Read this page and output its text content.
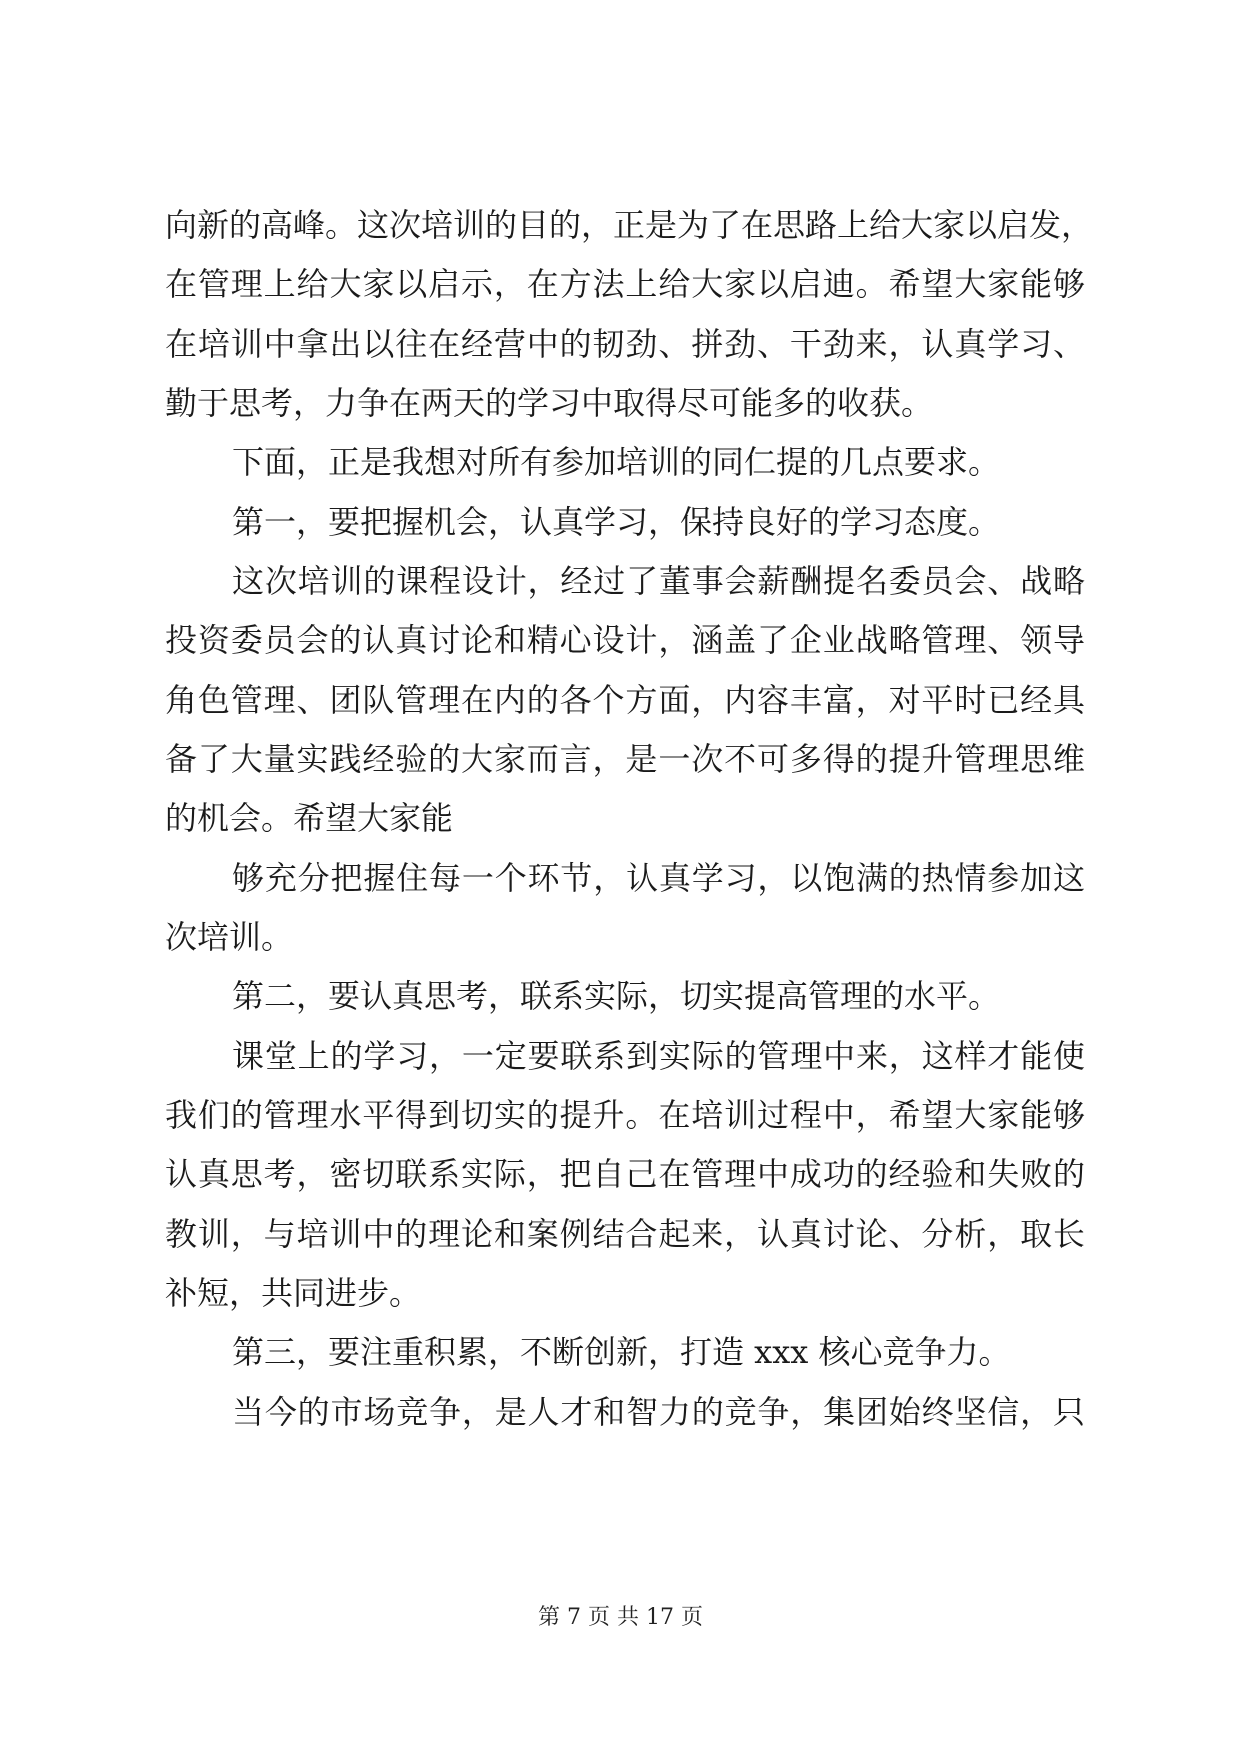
向新的高峰。这次培训的目的，正是为了在思路上给大家以启发，
在管理上给大家以启示，在方法上给大家以启迪。希望大家能够
在培训中拿出以往在经营中的韧劲、拼劲、干劲来，认真学习、
勤于思考，力争在两天的学习中取得尽可能多的收获。
下面，正是我想对所有参加培训的同仁提的几点要求。
第一，要把握机会，认真学习，保持良好的学习态度。
这次培训的课程设计，经过了董事会薪酬提名委员会、战略
投资委员会的认真讨论和精心设计，涵盖了企业战略管理、领导
角色管理、团队管理在内的各个方面，内容丰富，对平时已经具
备了大量实践经验的大家而言，是一次不可多得的提升管理思维
的机会。希望大家能
够充分把握住每一个环节，认真学习，以饱满的热情参加这
次培训。
第二，要认真思考，联系实际，切实提高管理的水平。
课堂上的学习，一定要联系到实际的管理中来，这样才能使
我们的管理水平得到切实的提升。在培训过程中，希望大家能够
认真思考，密切联系实际，把自己在管理中成功的经验和失败的
教训，与培训中的理论和案例结合起来，认真讨论、分析，取长
补短，共同进步。
第三，要注重积累，不断创新，打造 xxx 核心竞争力。
当今的市场竞争，是人才和智力的竞争，集团始终坚信，只
第 7 页 共 17 页
